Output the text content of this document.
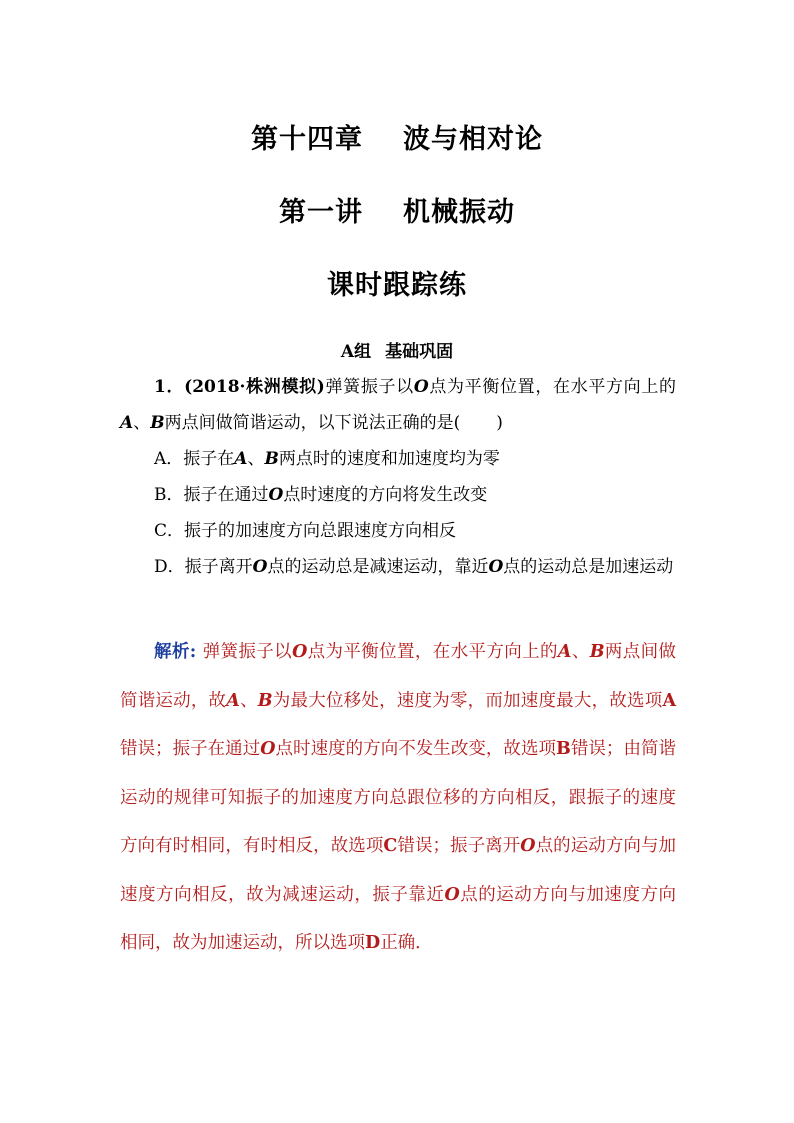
第十四章 波与相对论
第一讲 机械振动
课时跟踪练
A组 基础巩固

1．(2018·株洲模拟)弹簧振子以O点为平衡位置，在水平方向上的A、B两点间做简谐运动，以下说法正确的是( )

A．振子在A、B两点时的速度和加速度均为零

B．振子在通过O点时速度的方向将发生改变

C．振子的加速度方向总跟速度方向相反

D．振子离开O点的运动总是减速运动，靠近O点的运动总是加速运动

解析: 弹簧振子以O点为平衡位置，在水平方向上的A、B两点间做简谐运动，故A、B为最大位移处，速度为零，而加速度最大，故选项A错误；振子在通过O点时速度的方向不发生改变，故选项B错误；由简谐运动的规律可知振子的加速度方向总跟位移的方向相反，跟振子的速度方向有时相同，有时相反，故选项C错误；振子离开O点的运动方向与加速度方向相反，故为减速运动，振子靠近O点的运动方向与加速度方向相同，故为加速运动，所以选项D正确．
